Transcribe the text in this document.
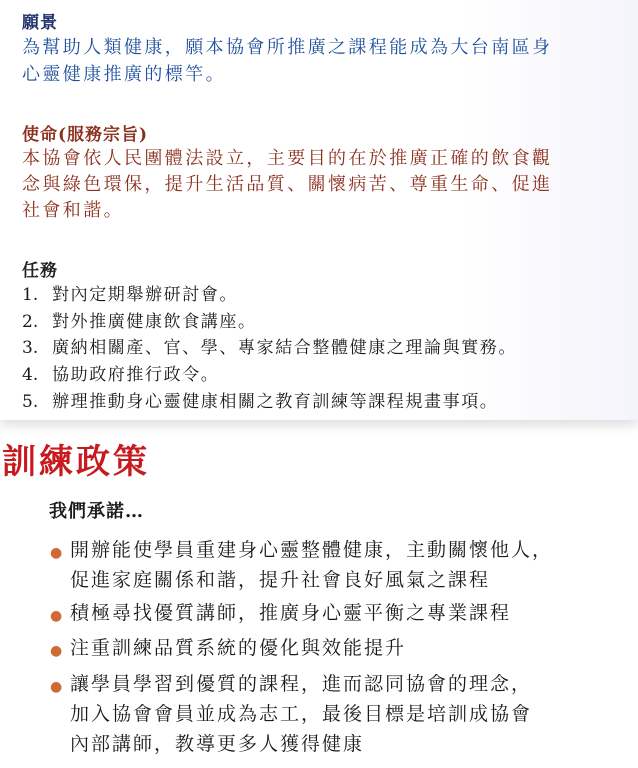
願景
為幫助人類健康，願本協會所推廣之課程能成為大台南區身
心靈健康推廣的標竿。
使命(服務宗旨)
本協會依人民團體法設立，主要目的在於推廣正確的飲食觀
念與綠色環保，提升生活品質、關懷病苦、尊重生命、促進
社會和諧。
任務
1. 對內定期舉辦研討會。
2. 對外推廣健康飲食講座。
3. 廣納相關產、官、學、專家結合整體健康之理論與實務。
4. 協助政府推行政令。
5. 辦理推動身心靈健康相關之教育訓練等課程規畫事項。
訓練政策
我們承諾…
● 開辦能使學員重建身心靈整體健康，主動關懷他人，
促進家庭關係和諧，提升社會良好風氣之課程
● 積極尋找優質講師，推廣身心靈平衡之專業課程
● 注重訓練品質系統的優化與效能提升
● 讓學員學習到優質的課程，進而認同協會的理念，
加入協會會員並成為志工，最後目標是培訓成協會
內部講師，教導更多人獲得健康
